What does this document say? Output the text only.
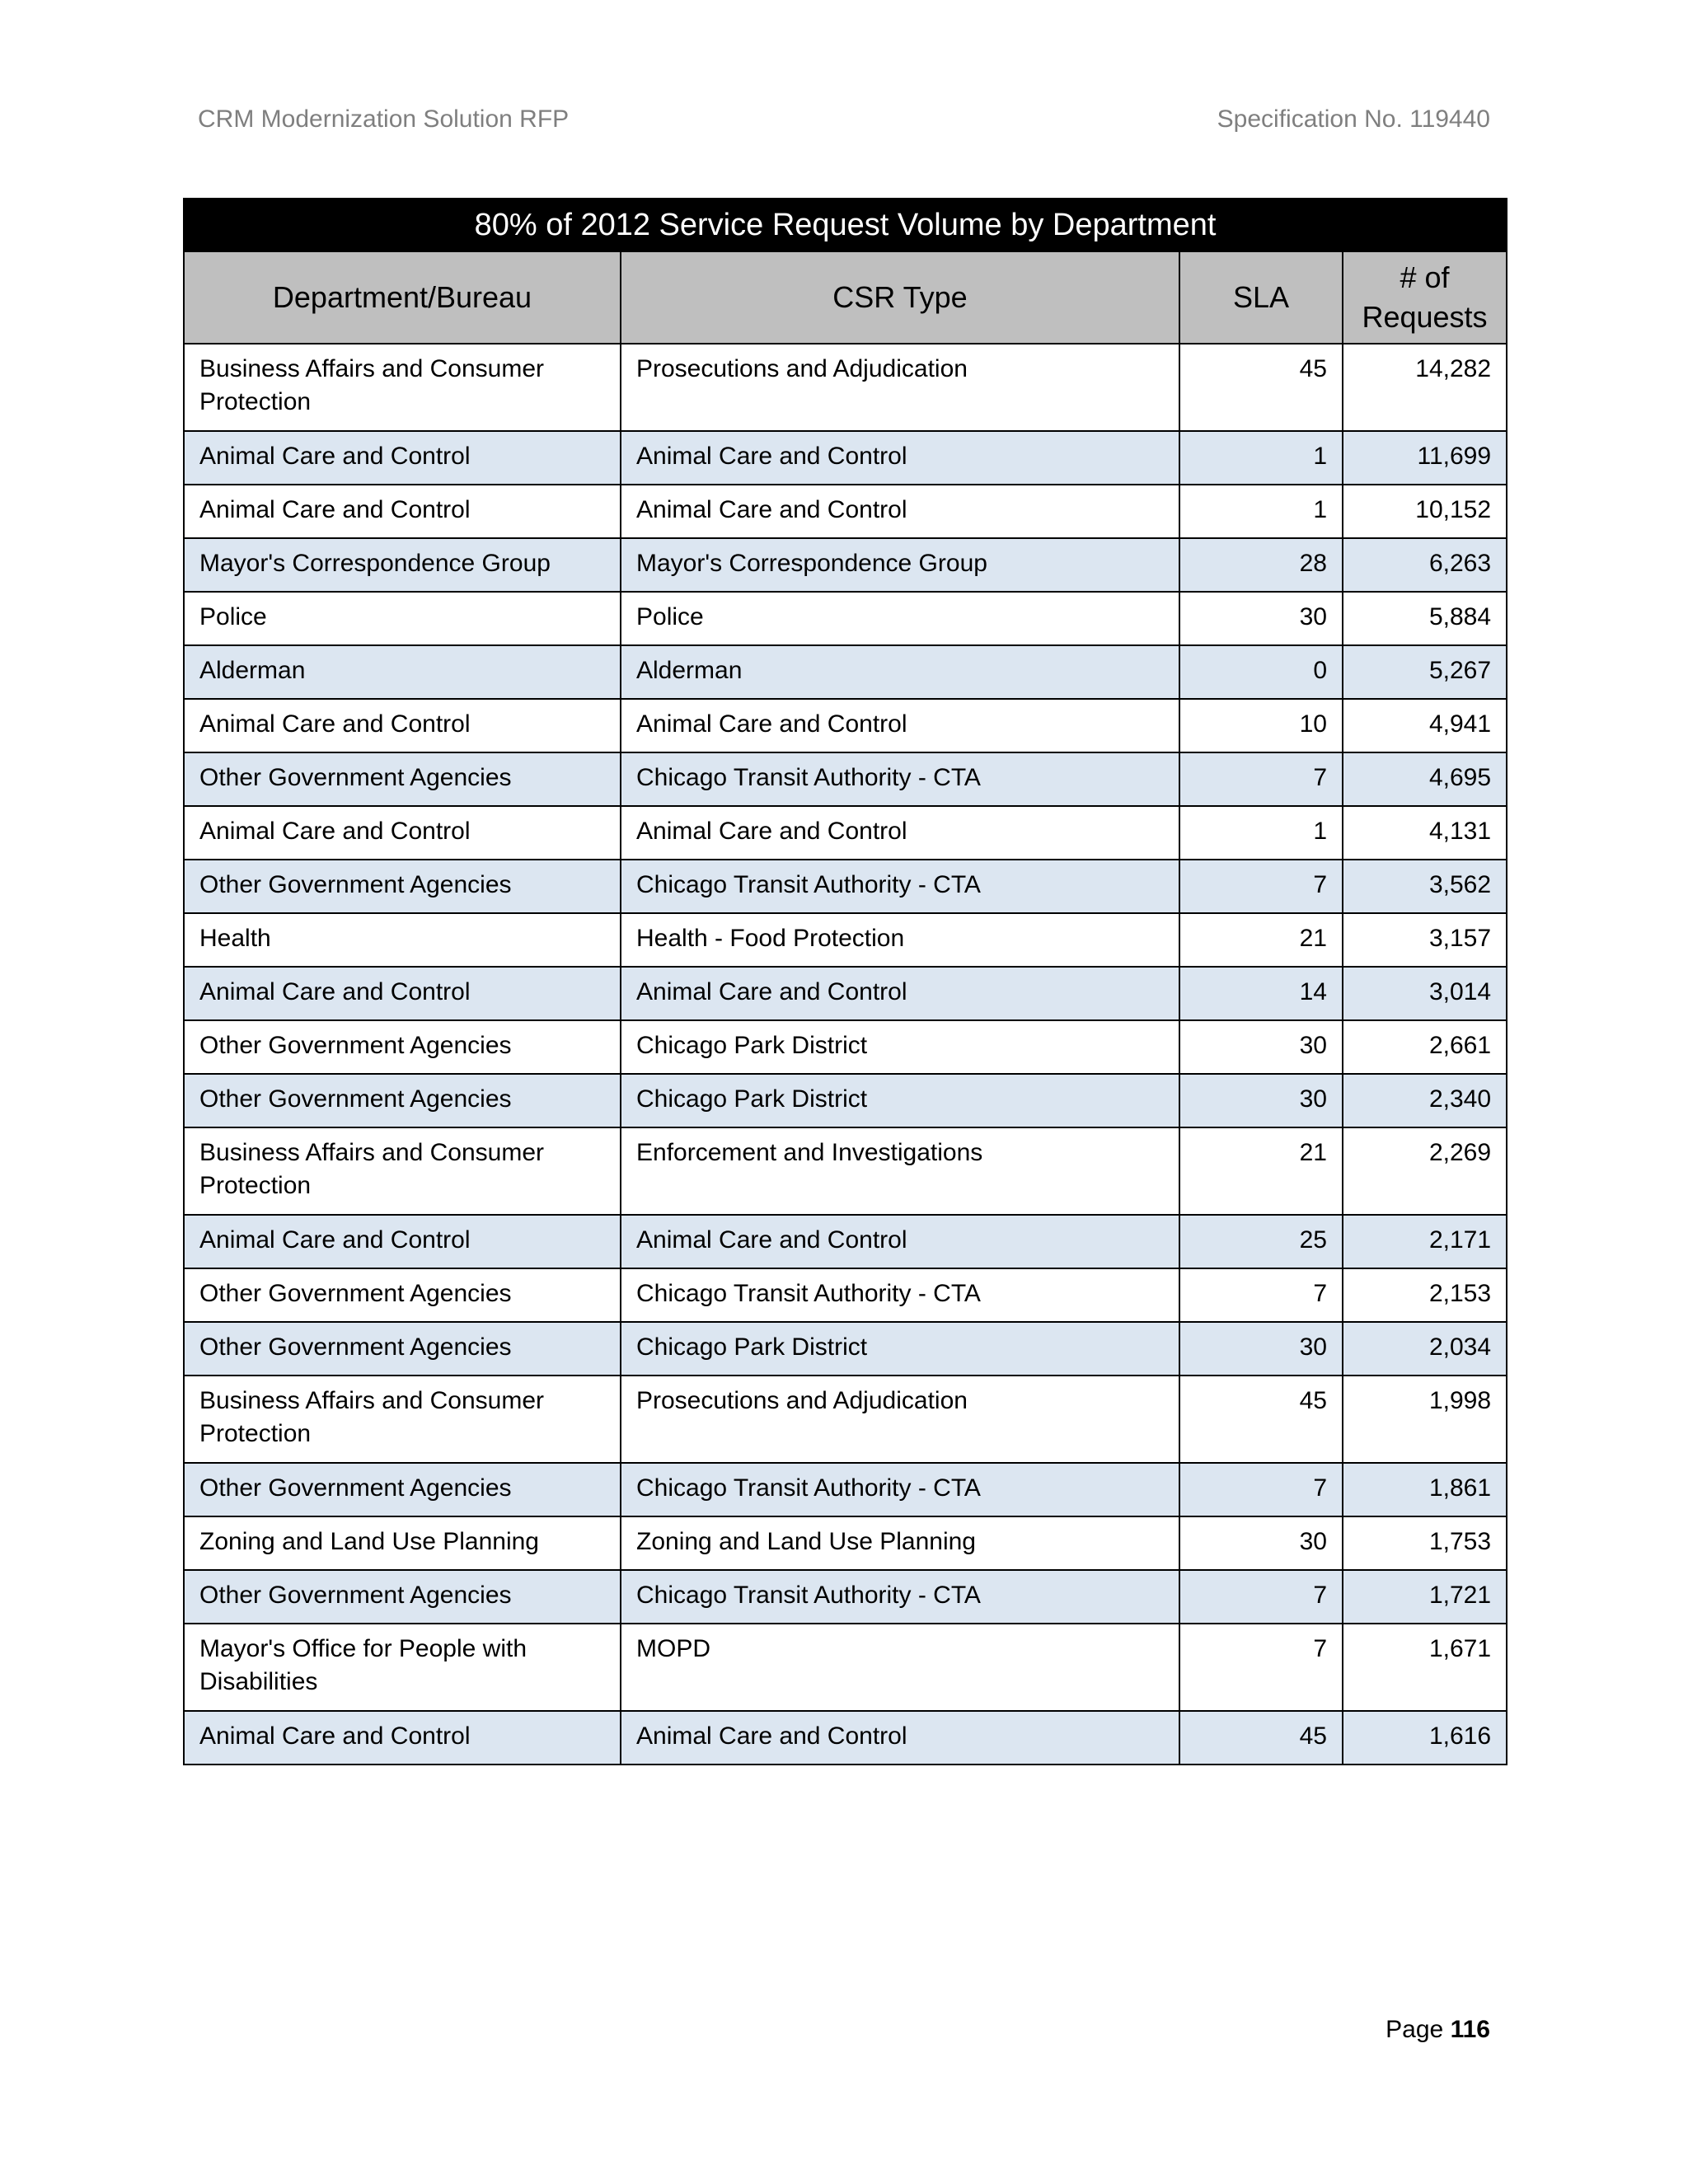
CRM Modernization Solution RFP	Specification No. 119440
80% of 2012 Service Request Volume by Department			
Department/Bureau	CSR Type	SLA	# of
Requests
Business Affairs and Consumer Protection	Prosecutions and Adjudication	45	14,282
Animal Care and Control	Animal Care and Control	1	11,699
Animal Care and Control	Animal Care and Control	1	10,152
Mayor's Correspondence Group	Mayor's Correspondence Group	28	6,263
Police	Police	30	5,884
Alderman	Alderman	0	5,267
Animal Care and Control	Animal Care and Control	10	4,941
Other Government Agencies	Chicago Transit Authority - CTA	7	4,695
Animal Care and Control	Animal Care and Control	1	4,131
Other Government Agencies	Chicago Transit Authority - CTA	7	3,562
Health	Health - Food Protection	21	3,157
Animal Care and Control	Animal Care and Control	14	3,014
Other Government Agencies	Chicago Park District	30	2,661
Other Government Agencies	Chicago Park District	30	2,340
Business Affairs and Consumer Protection	Enforcement and Investigations	21	2,269
Animal Care and Control	Animal Care and Control	25	2,171
Other Government Agencies	Chicago Transit Authority - CTA	7	2,153
Other Government Agencies	Chicago Park District	30	2,034
Business Affairs and Consumer Protection	Prosecutions and Adjudication	45	1,998
Other Government Agencies	Chicago Transit Authority - CTA	7	1,861
Zoning and Land Use Planning	Zoning and Land Use Planning	30	1,753
Other Government Agencies	Chicago Transit Authority - CTA	7	1,721
Mayor's Office for People with Disabilities	MOPD	7	1,671
Animal Care and Control	Animal Care and Control	45	1,616
Page 116
